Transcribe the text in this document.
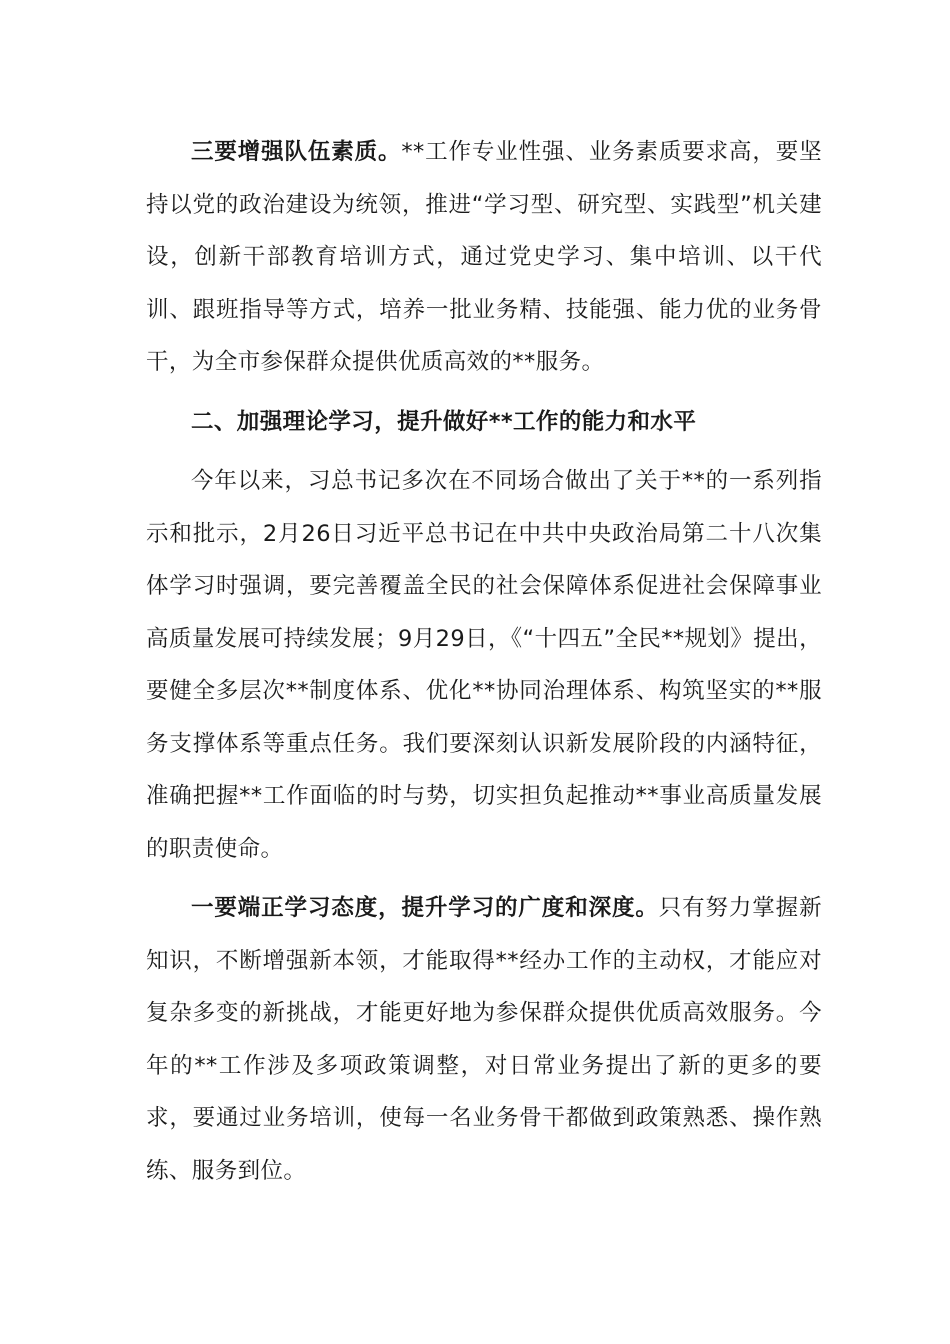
三要增强队伍素质。**工作专业性强、业务素质要求高，要坚持以党的政治建设为统领，推进“学习型、研究型、实践型”机关建设，创新干部教育培训方式，通过党史学习、集中培训、以干代训、跟班指导等方式，培养一批业务精、技能强、能力优的业务骨干，为全市参保群众提供优质高效的**服务。

二、加强理论学习，提升做好**工作的能力和水平

今年以来，习总书记多次在不同场合做出了关于**的一系列指示和批示，2月26日习近平总书记在中共中央政治局第二十八次集体学习时强调，要完善覆盖全民的社会保障体系促进社会保障事业高质量发展可持续发展；9月29日，《“十四五”全民**规划》提出，要健全多层次**制度体系、优化**协同治理体系、构筑坚实的**服务支撑体系等重点任务。我们要深刻认识新发展阶段的内涵特征，准确把握**工作面临的时与势，切实担负起推动**事业高质量发展的职责使命。

一要端正学习态度，提升学习的广度和深度。只有努力掌握新知识，不断增强新本领，才能取得**经办工作的主动权，才能应对复杂多变的新挑战，才能更好地为参保群众提供优质高效服务。今年的**工作涉及多项政策调整，对日常业务提出了新的更多的要求，要通过业务培训，使每一名业务骨干都做到政策熟悉、操作熟练、服务到位。
